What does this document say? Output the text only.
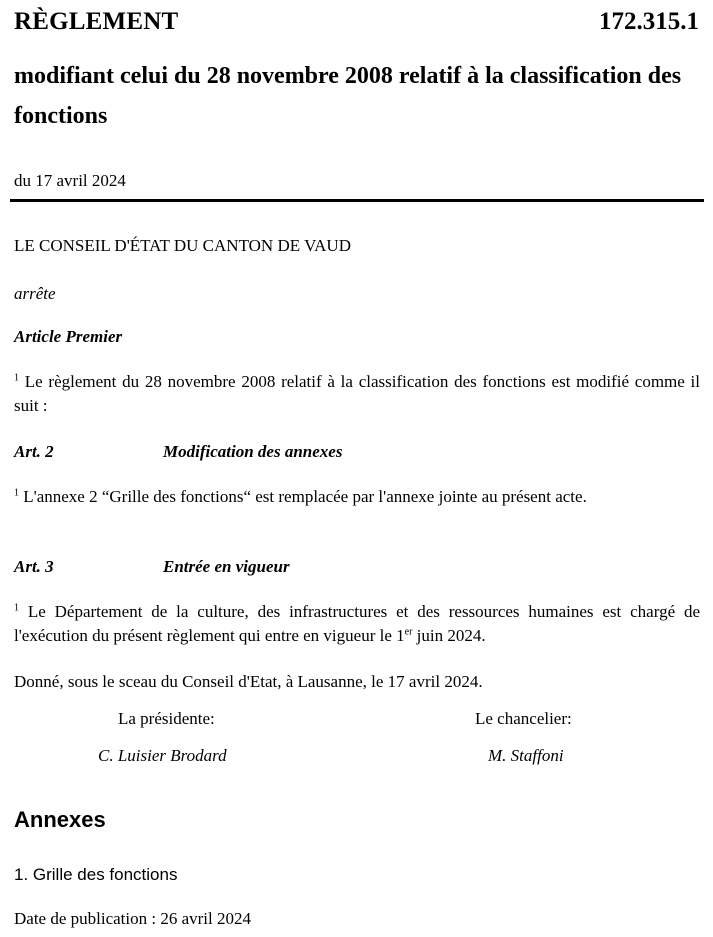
RÈGLEMENT	172.315.1
modifiant celui du 28 novembre 2008 relatif à la classification des fonctions
du 17 avril 2024
LE CONSEIL D'ÉTAT DU CANTON DE VAUD
arrête
Article Premier
$^1$ Le règlement du 28 novembre 2008 relatif à la classification des fonctions est modifié comme il suit :
Art. 2	Modification des annexes
$^1$ L'annexe 2 “Grille des fonctions“ est remplacée par l'annexe jointe au présent acte.
Art. 3	Entrée en vigueur
$^1$ Le Département de la culture, des infrastructures et des ressources humaines est chargé de l'exécution du présent règlement qui entre en vigueur le 1er juin 2024.
Donné, sous le sceau du Conseil d'Etat, à Lausanne, le 17 avril 2024.
La présidente:	Le chancelier:
C. Luisier Brodard	M. Staffoni
Annexes
1. Grille des fonctions
Date de publication : 26 avril 2024
